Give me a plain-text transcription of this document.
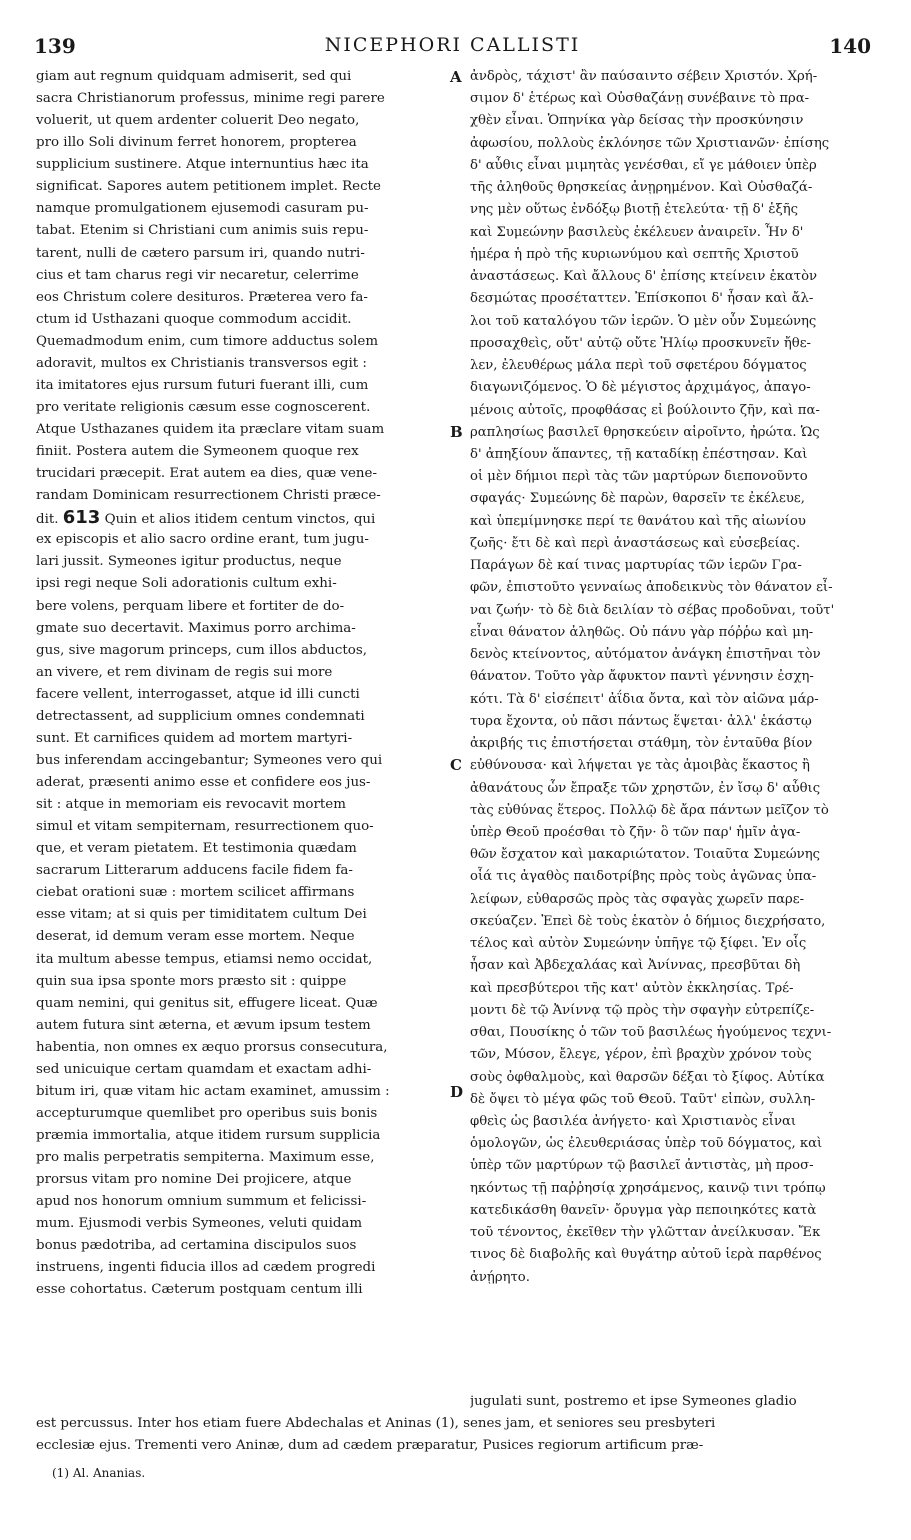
139	NICEPHORI CALLISTI	140
giam aut regnum quidquam admiserit, sed qui
sacra Christianorum professus, minime regi parere
voluerit, ut quem ardenter coluerit Deo negato,
pro illo Soli divinum ferret honorem, propterea
supplicium sustinere. Atque internuntius hæc ita
significat. Sapores autem petitionem implet. Recte
namque promulgationem ejusemodi casuram pu-
tabat. Etenim si Christiani cum animis suis repu-
tarent, nulli de cætero parsum iri, quando nutri-
cius et tam charus regi vir necaretur, celerrime
eos Christum colere desituros. Præterea vero fa-
ctum id Usthazani quoque commodum accidit.
Quemadmodum enim, cum timore adductus solem
adoravit, multos ex Christianis transversos egit :
ita imitatores ejus rursum futuri fuerant illi, cum
pro veritate religionis cæsum esse cognoscerent.
Atque Usthazanes quidem ita præclare vitam suam
finiit. Postera autem die Symeonem quoque rex
trucidari præcepit. Erat autem ea dies, quæ vene-
randam Dominicam resurrectionem Christi præce-
dit. 613 Quin et alios itidem centum vinctos, qui
ex episcopis et alio sacro ordine erant, tum jugu-
lari jussit. Symeones igitur productus, neque
ipsi regi neque Soli adorationis cultum exhi-
bere volens, perquam libere et fortiter de do-
gmate suo decertavit. Maximus porro archima-
gus, sive magorum princeps, cum illos abductos,
an vivere, et rem divinam de regis sui more
facere vellent, interrogasset, atque id illi cuncti
detrectassent, ad supplicium omnes condemnati
sunt. Et carnifices quidem ad mortem martyri-
bus inferendam accingebantur; Symeones vero qui
aderat, præsenti animo esse et confidere eos jus-
sit : atque in memoriam eis revocavit mortem
simul et vitam sempiternam, resurrectionem quo-
que, et veram pietatem. Et testimonia quædam
sacrarum Litterarum adducens facile fidem fa-
ciebat orationi suæ : mortem scilicet affirmans
esse vitam; at si quis per timiditatem cultum Dei
deserat, id demum veram esse mortem. Neque
ita multum abesse tempus, etiamsi nemo occidat,
quin sua ipsa sponte mors præsto sit : quippe
quam nemini, qui genitus sit, effugere liceat. Quæ
autem futura sint æterna, et ævum ipsum testem
habentia, non omnes ex æquo prorsus consecutura,
sed unicuique certam quamdam et exactam adhi-
bitum iri, quæ vitam hic actam examinet, amussim :
accepturumque quemlibet pro operibus suis bonis
præmia immortalia, atque itidem rursum supplicia
pro malis perpetratis sempiterna. Maximum esse,
prorsus vitam pro nomine Dei projicere, atque
apud nos honorum omnium summum et felicissi-
mum. Ejusmodi verbis Symeones, veluti quidam
bonus pædotriba, ad certamina discipulos suos
instruens, ingenti fiducia illos ad cædem progredi
esse cohortatus. Cæterum postquam centum illi
ἀνδρὸς, τάχιστ' ἂν παύσαιντο σέβειν Χριστόν. Χρή-
σιμον δ' ἑτέρως καὶ Οὐσθαζάνῃ συνέβαινε τὸ πρα-
χθὲν εἶναι. Ὁπηνίκα γὰρ δείσας τὴν προσκύνησιν
ἀφωσίου, πολλοὺς ἐκλόνησε τῶν Χριστιανῶν· ἐπίσης
δ' αὖθις εἶναι μιμητὰς γενέσθαι, εἴ γε μάθοιεν ὑπὲρ
τῆς ἀληθοῦς θρησκείας ἀνῃρημένον. Καὶ Οὐσθαζά-
νης μὲν οὕτως ἐνδόξῳ βιοτῇ ἐτελεύτα· τῇ δ' ἑξῆς
καὶ Συμεώνην βασιλεὺς ἐκέλευεν ἀναιρεῖν. Ἦν δ'
ἡμέρα ἡ πρὸ τῆς κυριωνύμου καὶ σεπτῆς Χριστοῦ
ἀναστάσεως. Καὶ ἄλλους δ' ἐπίσης κτείνειν ἑκατὸν
δεσμώτας προσέταττεν. Ἐπίσκοποι δ' ἦσαν καὶ ἄλ-
λοι τοῦ καταλόγου τῶν ἱερῶν. Ὁ μὲν οὖν Συμεώνης
προσαχθεὶς, οὔτ' αὐτῷ οὔτε Ἡλίῳ προσκυνεῖν ἤθε-
λεν, ἐλευθέρως μάλα περὶ τοῦ σφετέρου δόγματος
διαγωνιζόμενος. Ὁ δὲ μέγιστος ἀρχιμάγος, ἀπαγο-
μένοις αὐτοῖς, προφθάσας εἰ βούλοιντο ζῆν, καὶ πα-
ραπλησίως βασιλεῖ θρησκεύειν αἱροῖντο, ἠρώτα. Ὡς
δ' ἀπηξίουν ἅπαντες, τῇ καταδίκῃ ἐπέστησαν. Καὶ
οἱ μὲν δήμιοι περὶ τὰς τῶν μαρτύρων διεπονοῦντο
σφαγάς· Συμεώνης δὲ παρὼν, θαρσεῖν τε ἐκέλευε,
καὶ ὑπεμίμνησκε περί τε θανάτου καὶ τῆς αἰωνίου
ζωῆς· ἔτι δὲ καὶ περὶ ἀναστάσεως καὶ εὐσεβείας.
Παράγων δὲ καί τινας μαρτυρίας τῶν ἱερῶν Γρα-
φῶν, ἐπιστοῦτο γενναίως ἀποδεικνὺς τὸν θάνατον εἶ-
ναι ζωήν· τὸ δὲ διὰ δειλίαν τὸ σέβας προδοῦναι, τοῦτ'
εἶναι θάνατον ἀληθῶς. Οὐ πάνυ γὰρ πόῤῥω καὶ μη-
δενὸς κτείνοντος, αὐτόματον ἀνάγκη ἐπιστῆναι τὸν
θάνατον. Τοῦτο γὰρ ἄφυκτον παντὶ γέννησιν ἐσχη-
κότι. Τὰ δ' εἰσέπειτ' ἀΐδια ὄντα, καὶ τὸν αἰῶνα μάρ-
τυρα ἔχοντα, οὐ πᾶσι πάντως ἕψεται· ἀλλ' ἑκάστῳ
ἀκριβής τις ἐπιστήσεται στάθμη, τὸν ἐνταῦθα βίον
εὐθύνουσα· καὶ λήψεται γε τὰς ἀμοιβὰς ἕκαστος ἢ
ἀθανάτους ὧν ἔπραξε τῶν χρηστῶν, ἐν ἴσῳ δ' αὖθις
τὰς εὐθύνας ἕτερος. Πολλῷ δὲ ἄρα πάντων μεῖζον τὸ
ὑπὲρ Θεοῦ προέσθαι τὸ ζῆν· ὃ τῶν παρ' ἡμῖν ἀγα-
θῶν ἔσχατον καὶ μακαριώτατον. Τοιαῦτα Συμεώνης
οἷά τις ἀγαθὸς παιδοτρίβης πρὸς τοὺς ἀγῶνας ὑπα-
λείφων, εὐθαρσῶς πρὸς τὰς σφαγὰς χωρεῖν παρε-
σκεύαζεν. Ἐπεὶ δὲ τοὺς ἑκατὸν ὁ δήμιος διεχρήσατο,
τέλος καὶ αὐτὸν Συμεώνην ὑπῆγε τῷ ξίφει. Ἐν οἷς
ἦσαν καὶ Ἀβδεχαλάας καὶ Ἀνίννας, πρεσβῦται δὴ
καὶ πρεσβύτεροι τῆς κατ' αὐτὸν ἐκκλησίας. Τρέ-
μοντι δὲ τῷ Ἀνίννᾳ τῷ πρὸς τὴν σφαγὴν εὐτρεπίζε-
σθαι, Πουσίκης ὁ τῶν τοῦ βασιλέως ἡγούμενος τεχνι-
τῶν, Μύσον, ἔλεγε, γέρον, ἐπὶ βραχὺν χρόνον τοὺς
σοὺς ὀφθαλμοὺς, καὶ θαρσῶν δέξαι τὸ ξίφος. Αὐτίκα
δὲ ὄψει τὸ μέγα φῶς τοῦ Θεοῦ. Ταῦτ' εἰπὼν, συλλη-
φθεὶς ὡς βασιλέα ἀνήγετο· καὶ Χριστιανὸς εἶναι
ὁμολογῶν, ὡς ἐλευθεριάσας ὑπὲρ τοῦ δόγματος, καὶ
ὑπὲρ τῶν μαρτύρων τῷ βασιλεῖ ἀντιστὰς, μὴ προσ-
ηκόντως τῇ παῤῥησίᾳ χρησάμενος, καινῷ τινι τρόπῳ
κατεδικάσθη θανεῖν· ὄρυγμα γὰρ πεποιηκότες κατὰ
τοῦ τένοντος, ἐκεῖθεν τὴν γλῶτταν ἀνείλκυσαν. Ἔκ
τινος δὲ διαβολῆς καὶ θυγάτηρ αὐτοῦ ἱερὰ παρθένος
ἀνῄρητο.
A
B
C
D
jugulati sunt, postremo et ipse Symeones gladio
est percussus. Inter hos etiam fuere Abdechalas et Aninas (1), senes jam, et seniores seu presbyteri
ecclesiæ ejus. Trementi vero Aninæ, dum ad cædem præparatur, Pusices regiorum artificum præ-
(1) Al. Ananias.
